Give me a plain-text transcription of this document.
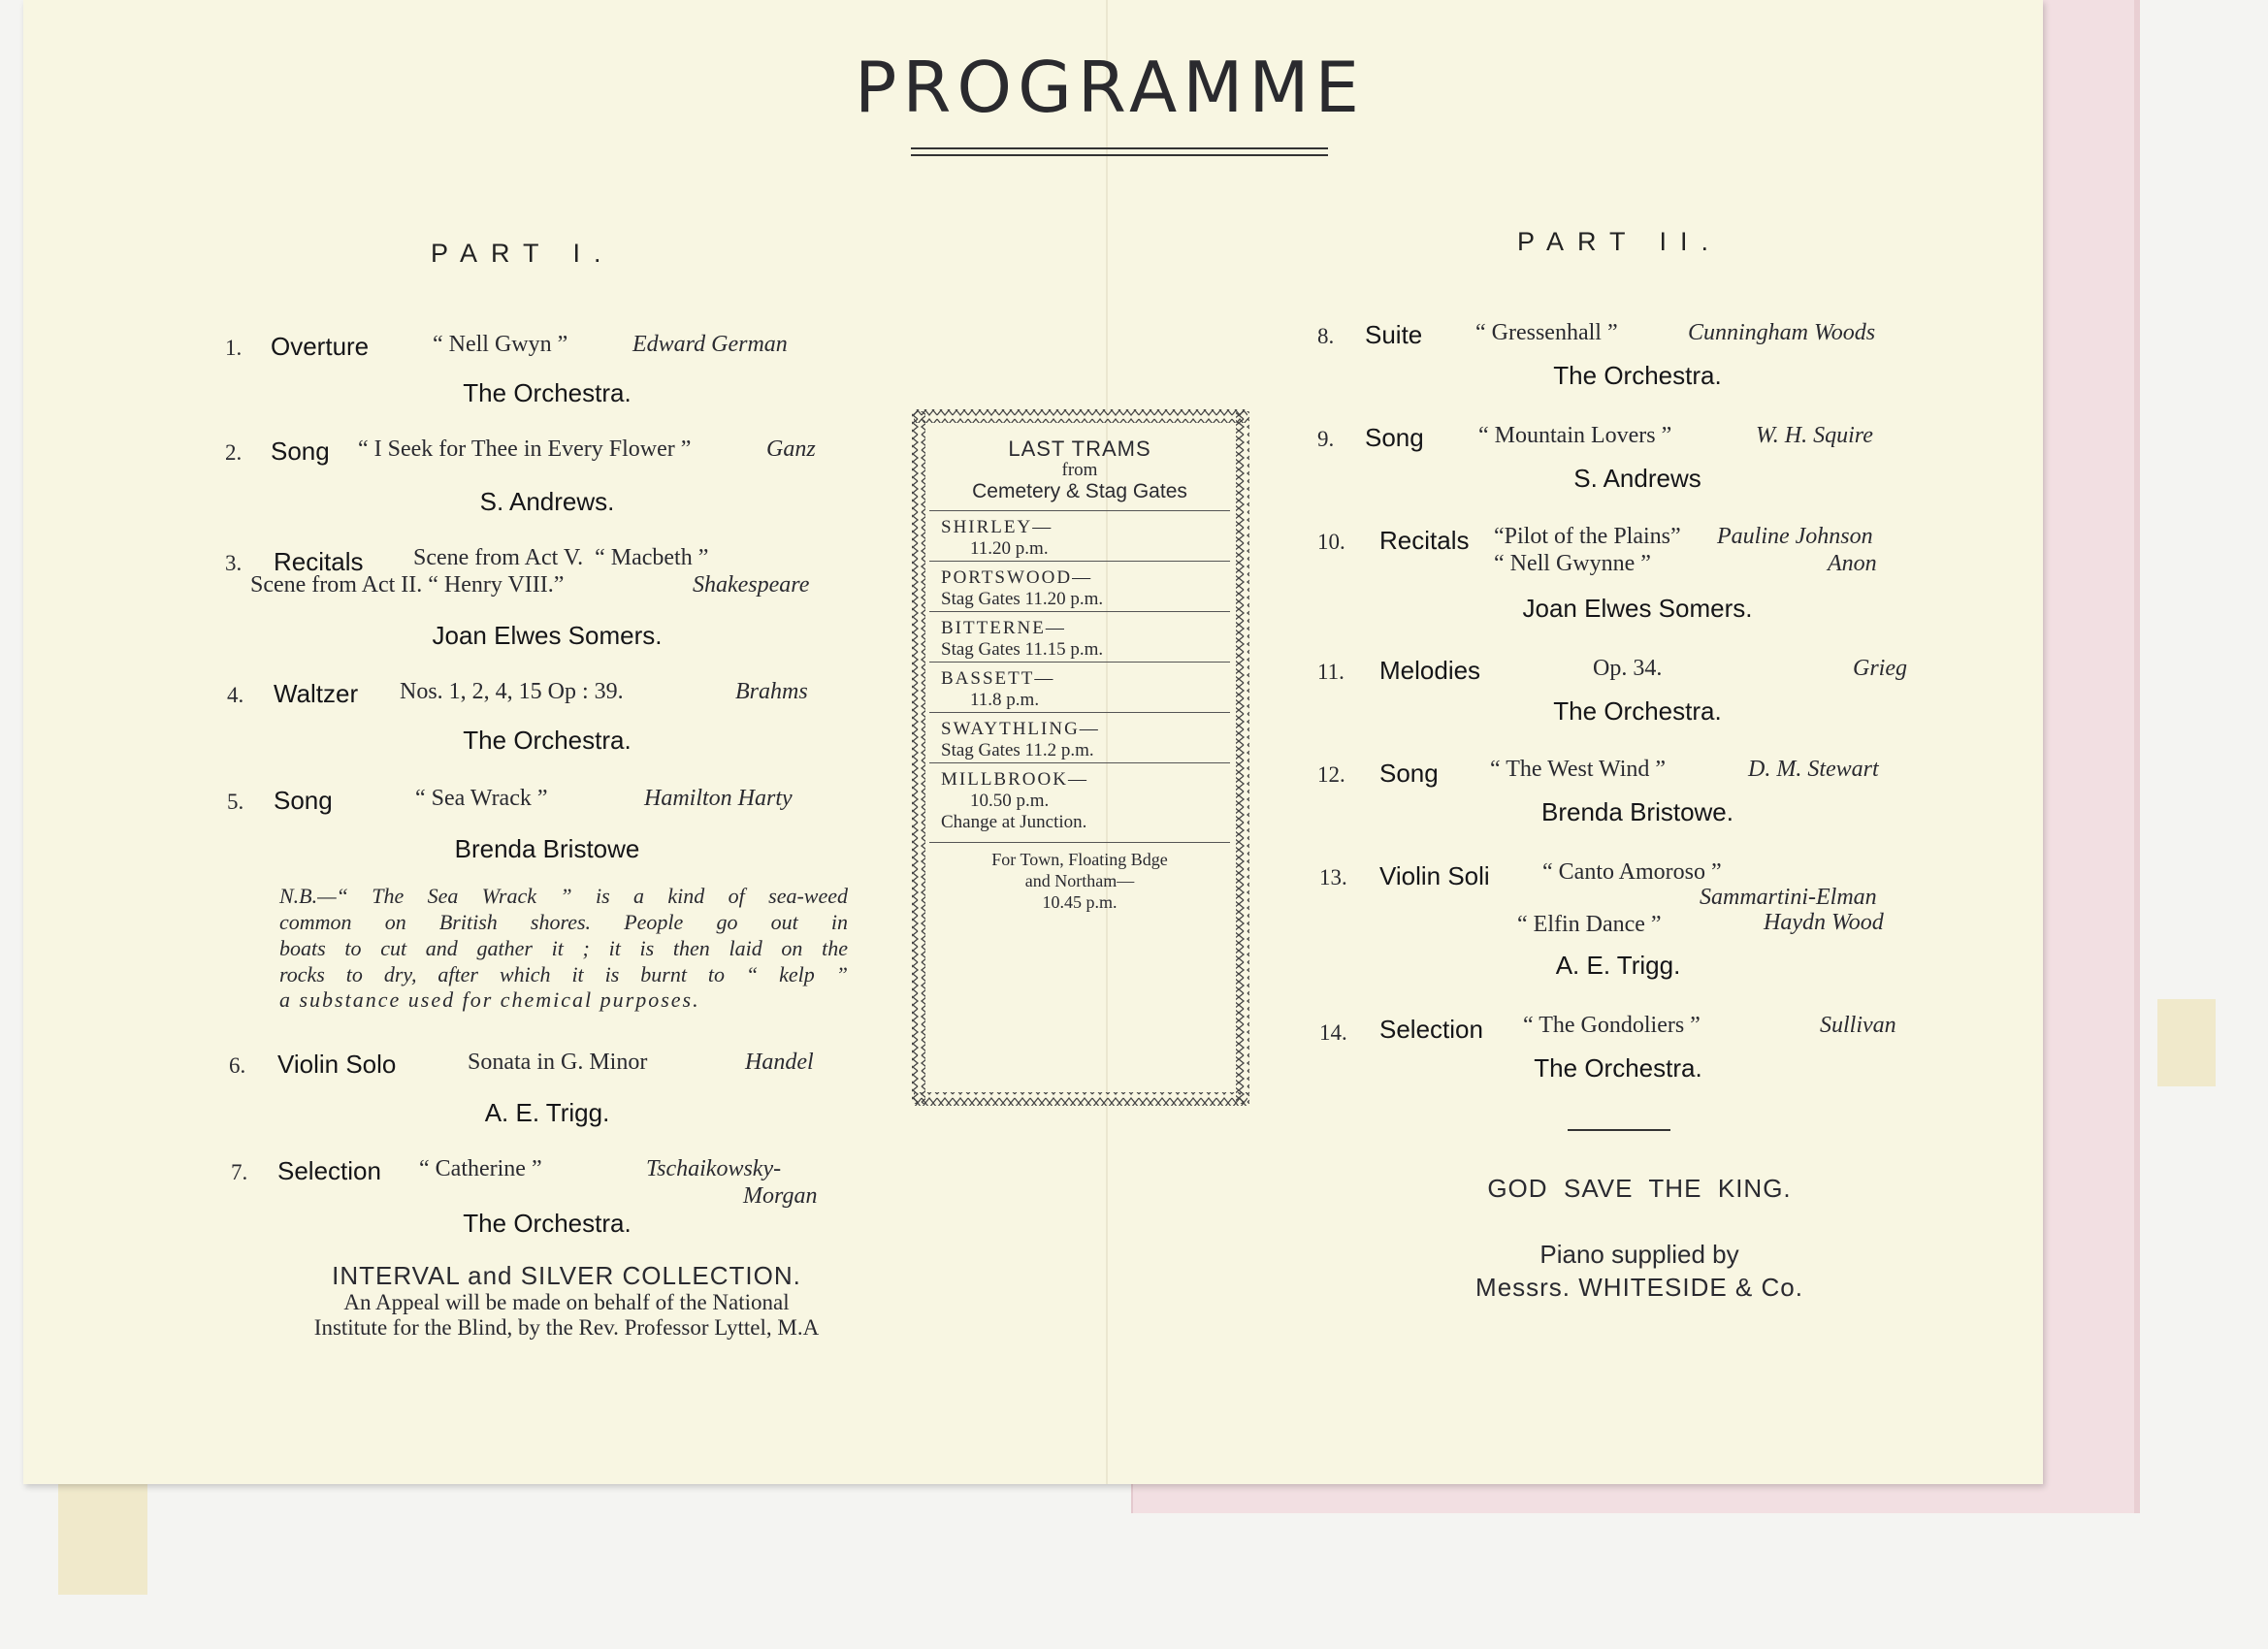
PROGRAMME
PART I.
1. Overture	“ Nell Gwyn ”	Edward German
The Orchestra.
2. Song “ I Seek for Thee in Every Flower ”	Ganz
S. Andrews.
3. Recitals Scene from Act V.  “ Macbeth ”
Scene from Act II. “ Henry VIII.”	Shakespeare
Joan Elwes Somers.
4. Waltzer Nos. 1, 2, 4, 15 Op : 39.	Brahms
The Orchestra.
5. Song	“ Sea Wrack ”	Hamilton Harty
Brenda Bristowe
N.B.—“ The Sea Wrack ” is a kind of sea-weed
common on British shores. People go out in
boats to cut and gather it ; it is then laid on the
rocks to dry, after which it is burnt to “ kelp ”
a substance used for chemical purposes.
6. Violin Solo	Sonata in G. Minor	Handel
A. E. Trigg.
7. Selection “ Catherine ”	Tschaikowsky-
Morgan
The Orchestra.
INTERVAL and SILVER COLLECTION.
An Appeal will be made on behalf of the National
Institute for the Blind, by the Rev. Professor Lyttel, M.A
LAST TRAMS
from
Cemetery & Stag Gates
SHIRLEY—
11.20 p.m.
PORTSWOOD—
Stag Gates 11.20 p.m.
BITTERNE—
Stag Gates 11.15 p.m.
BASSETT—
11.8 p.m.
SWAYTHLING—
Stag Gates 11.2 p.m.
MILLBROOK—
10.50 p.m.
Change at Junction.
For Town, Floating Bdge
and Northam—
10.45 p.m.
PART II.
8. Suite “ Gressenhall ”	Cunningham Woods
The Orchestra.
9. Song “ Mountain Lovers ”	W. H. Squire
S. Andrews
10. Recitals “Pilot of the Plains” Pauline Johnson
“ Nell Gwynne ”	Anon
Joan Elwes Somers.
11. Melodies	Op. 34.	Grieg
The Orchestra.
12. Song “ The West Wind ”	D. M. Stewart
Brenda Bristowe.
13. Violin Soli “ Canto Amoroso ”
Sammartini-Elman
“ Elfin Dance ”	Haydn Wood
A. E. Trigg.
14. Selection “ The Gondoliers ”	Sullivan
The Orchestra.
GOD  SAVE  THE  KING.
Piano supplied by
Messrs. WHITESIDE & Co.
